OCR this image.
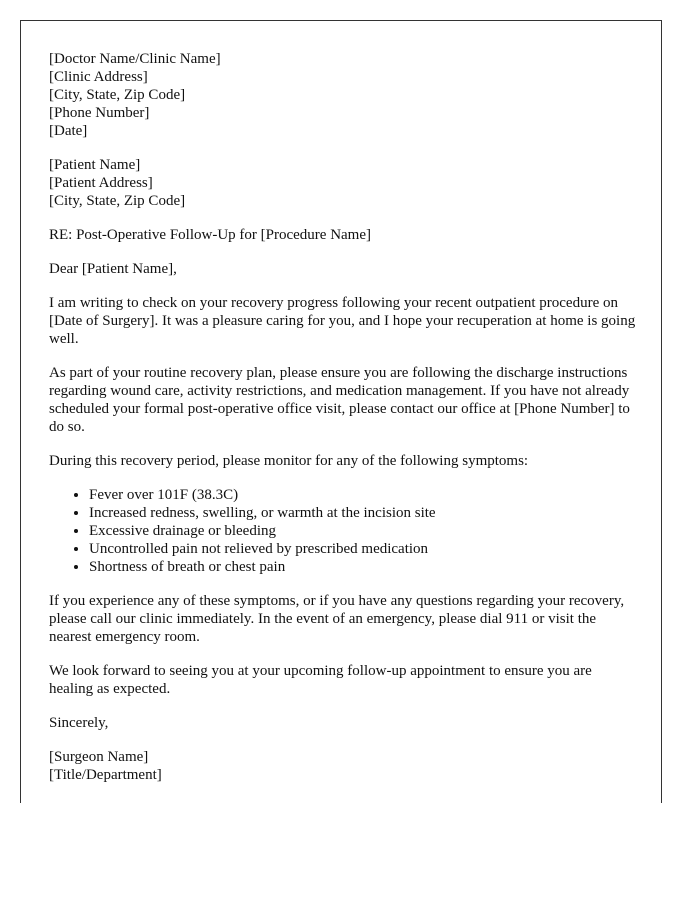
[Doctor Name/Clinic Name]
[Clinic Address]
[City, State, Zip Code]
[Phone Number]
[Date]

[Patient Name]
[Patient Address]
[City, State, Zip Code]

RE: Post-Operative Follow-Up for [Procedure Name]

Dear [Patient Name],

I am writing to check on your recovery progress following your recent outpatient procedure on [Date of Surgery]. It was a pleasure caring for you, and I hope your recuperation at home is going well.

As part of your routine recovery plan, please ensure you are following the discharge instructions regarding wound care, activity restrictions, and medication management. If you have not already scheduled your formal post-operative office visit, please contact our office at [Phone Number] to do so.

During this recovery period, please monitor for any of the following symptoms:

• Fever over 101F (38.3C)
• Increased redness, swelling, or warmth at the incision site
• Excessive drainage or bleeding
• Uncontrolled pain not relieved by prescribed medication
• Shortness of breath or chest pain

If you experience any of these symptoms, or if you have any questions regarding your recovery, please call our clinic immediately. In the event of an emergency, please dial 911 or visit the nearest emergency room.

We look forward to seeing you at your upcoming follow-up appointment to ensure you are healing as expected.

Sincerely,

[Surgeon Name]
[Title/Department]
